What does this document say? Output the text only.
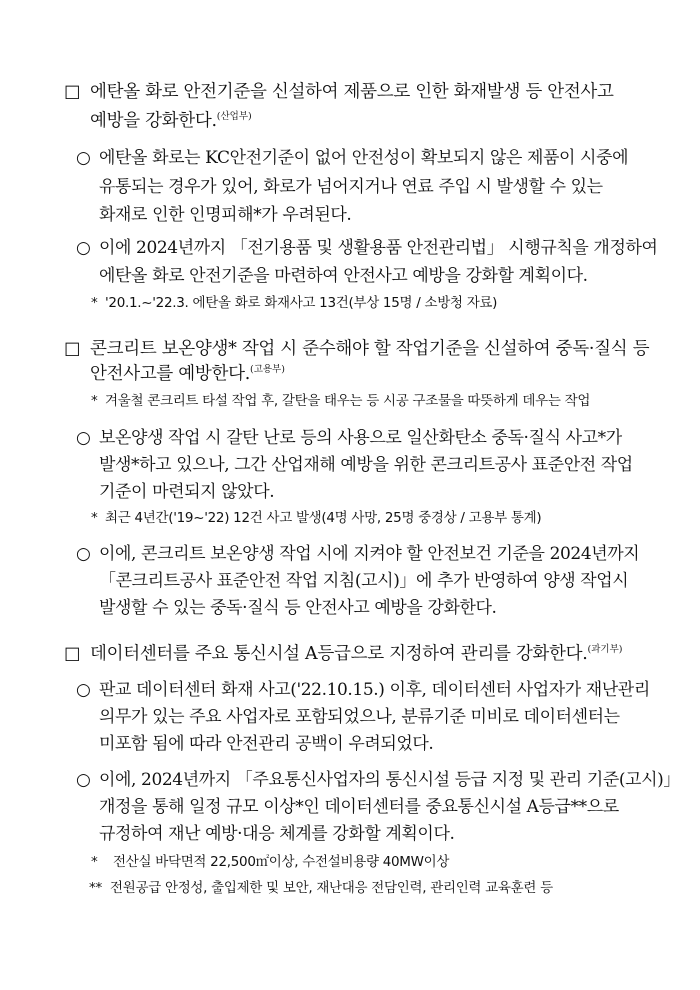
□ 에탄올 화로 안전기준을 신설하여 제품으로 인한 화재발생 등 안전사고
예방을 강화한다.$^{(산업부)}$
○ 에탄올 화로는 KC안전기준이 없어 안전성이 확보되지 않은 제품이 시중에
유통되는 경우가 있어, 화로가 넘어지거나 연료 주입 시 발생할 수 있는
화재로 인한 인명피해*가 우려된다.
○ 이에 2024년까지 「전기용품 및 생활용품 안전관리법」 시행규칙을 개정하여
에탄올 화로 안전기준을 마련하여 안전사고 예방을 강화할 계획이다.
* '20.1.~'22.3. 에탄올 화로 화재사고 13건(부상 15명 / 소방청 자료)
□ 콘크리트 보온양생* 작업 시 준수해야 할 작업기준을 신설하여 중독·질식 등
안전사고를 예방한다.$^{(고용부)}$
* 겨울철 콘크리트 타설 작업 후, 갈탄을 태우는 등 시공 구조물을 따뜻하게 데우는 작업
○ 보온양생 작업 시 갈탄 난로 등의 사용으로 일산화탄소 중독·질식 사고*가
발생*하고 있으나, 그간 산업재해 예방을 위한 콘크리트공사 표준안전 작업
기준이 마련되지 않았다.
* 최근 4년간('19~'22) 12건 사고 발생(4명 사망, 25명 중경상 / 고용부 통계)
○ 이에, 콘크리트 보온양생 작업 시에 지켜야 할 안전보건 기준을 2024년까지
「콘크리트공사 표준안전 작업 지침(고시)」에 추가 반영하여 양생 작업시
발생할 수 있는 중독·질식 등 안전사고 예방을 강화한다.
□ 데이터센터를 주요 통신시설 A등급으로 지정하여 관리를 강화한다.$^{(과기부)}$
○ 판교 데이터센터 화재 사고('22.10.15.) 이후, 데이터센터 사업자가 재난관리
의무가 있는 주요 사업자로 포함되었으나, 분류기준 미비로 데이터센터는
미포함 됨에 따라 안전관리 공백이 우려되었다.
○ 이에, 2024년까지 「주요통신사업자의 통신시설 등급 지정 및 관리 기준(고시)」
개정을 통해 일정 규모 이상*인 데이터센터를 중요통신시설 A등급**으로
규정하여 재난 예방·대응 체계를 강화할 계획이다.
* 전산실 바닥면적 22,500㎡이상, 수전설비용량 40MW이상
** 전원공급 안정성, 출입제한 및 보안, 재난대응 전담인력, 관리인력 교육훈련 등
